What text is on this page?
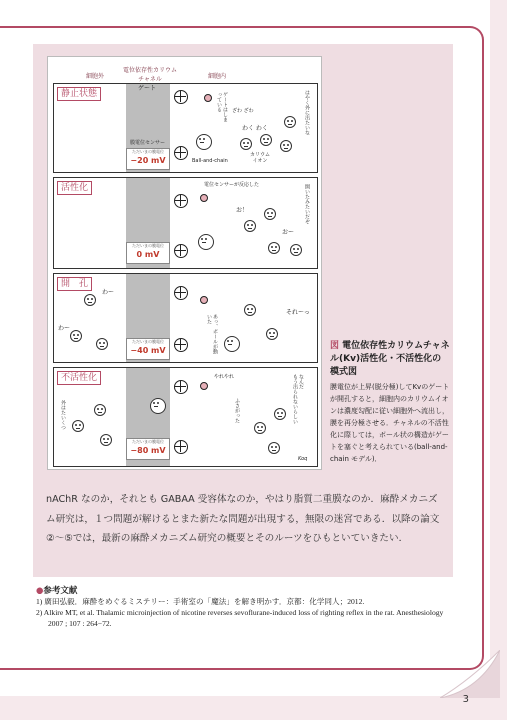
細胞外
電位依存性カリウム
チャネル	細胞内
ゲート
静止状態
膜電位センサー
ただいまの膜電位
−20 mV	Ball-and-chain
ゲートはしまっている	ざわ ざわ
わく わく
カリウム
イオン
はやく外に出たいな
活性化
ただいまの膜電位
0 mV
電位センサーが反応した
お！	開いたみたいだぞ
おー
開　孔
ただいまの膜電位
−40 mV
わー
わー
それーっ
あっ、ボールが動いた
不活性化
ただいまの膜電位
−80 mV
外はたいくつ
やれやれ
ふさがった
なんだ
もう出られないらしい
Koq
図 電位依存性カリウムチャネル(Kv)活性化・不活性化の模式図
膜電位が上昇(脱分極)してKvのゲートが開孔すると，細胞内のカリウムイオンは濃度勾配に従い細胞外へ流出し，膜を再分極させる．チャネルの不活性化に際しては，ボール状の構造がゲートを塞ぐと考えられている(ball-and-chain モデル)．
nAChR なのか，それとも GABAA 受容体なのか，やはり脂質二重膜なのか．麻酔メカニズム研究は，１つ問題が解けるとまた新たな問題が出現する，無限の迷宮である．以降の論文②〜⑤では，最新の麻酔メカニズム研究の概要とそのルーツをひもといていきたい．
●参考文献
1) 廣田弘毅．麻酔をめぐるミステリー：手術室の「魔法」を解き明かす．京都：化学同人；2012.
2) Alkire MT, et al. Thalamic microinjection of nicotine reverses sevoflurane-induced loss of righting reflex in the rat. Anesthesiology 2007 ; 107 : 264−72.
3
